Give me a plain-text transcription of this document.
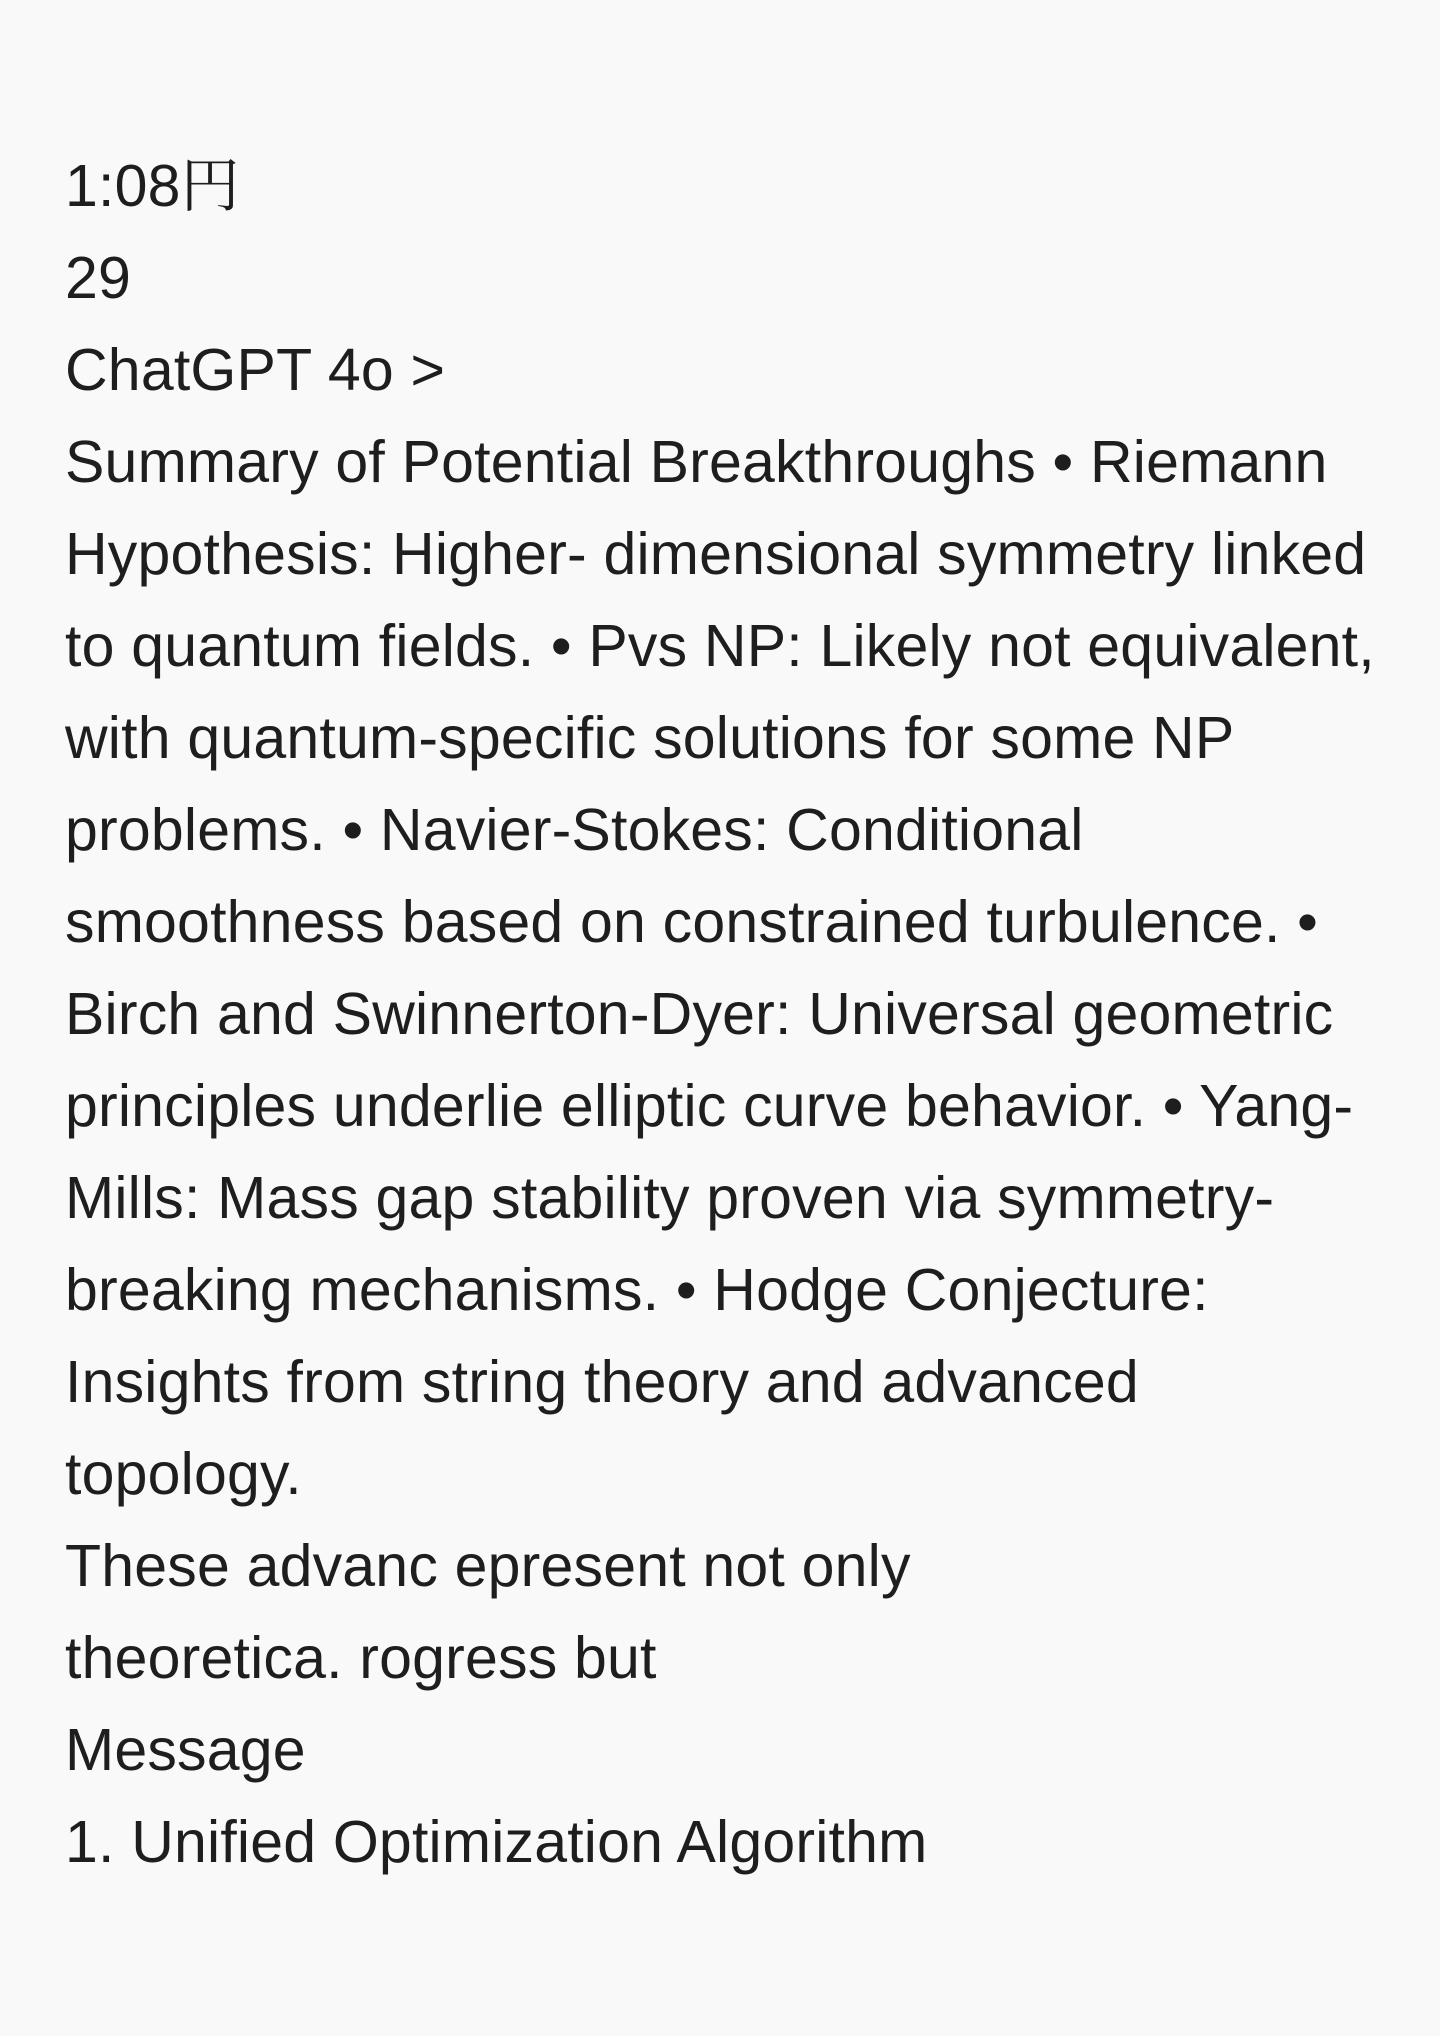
1:08円
29
ChatGPT 4o >
Summary of Potential Breakthroughs • Riemann Hypothesis: Higher- dimensional symmetry linked to quantum fields. • Pvs NP: Likely not equivalent, with quantum-specific solutions for some NP problems. • Navier-Stokes: Conditional smoothness based on constrained turbulence. • Birch and Swinnerton-Dyer: Universal geometric principles underlie elliptic curve behavior. • Yang-Mills: Mass gap stability proven via symmetry-breaking mechanisms. • Hodge Conjecture: Insights from string theory and advanced topology.
These advanc epresent not only
theoretica. rogress but
Message
1. Unified Optimization Algorithm
